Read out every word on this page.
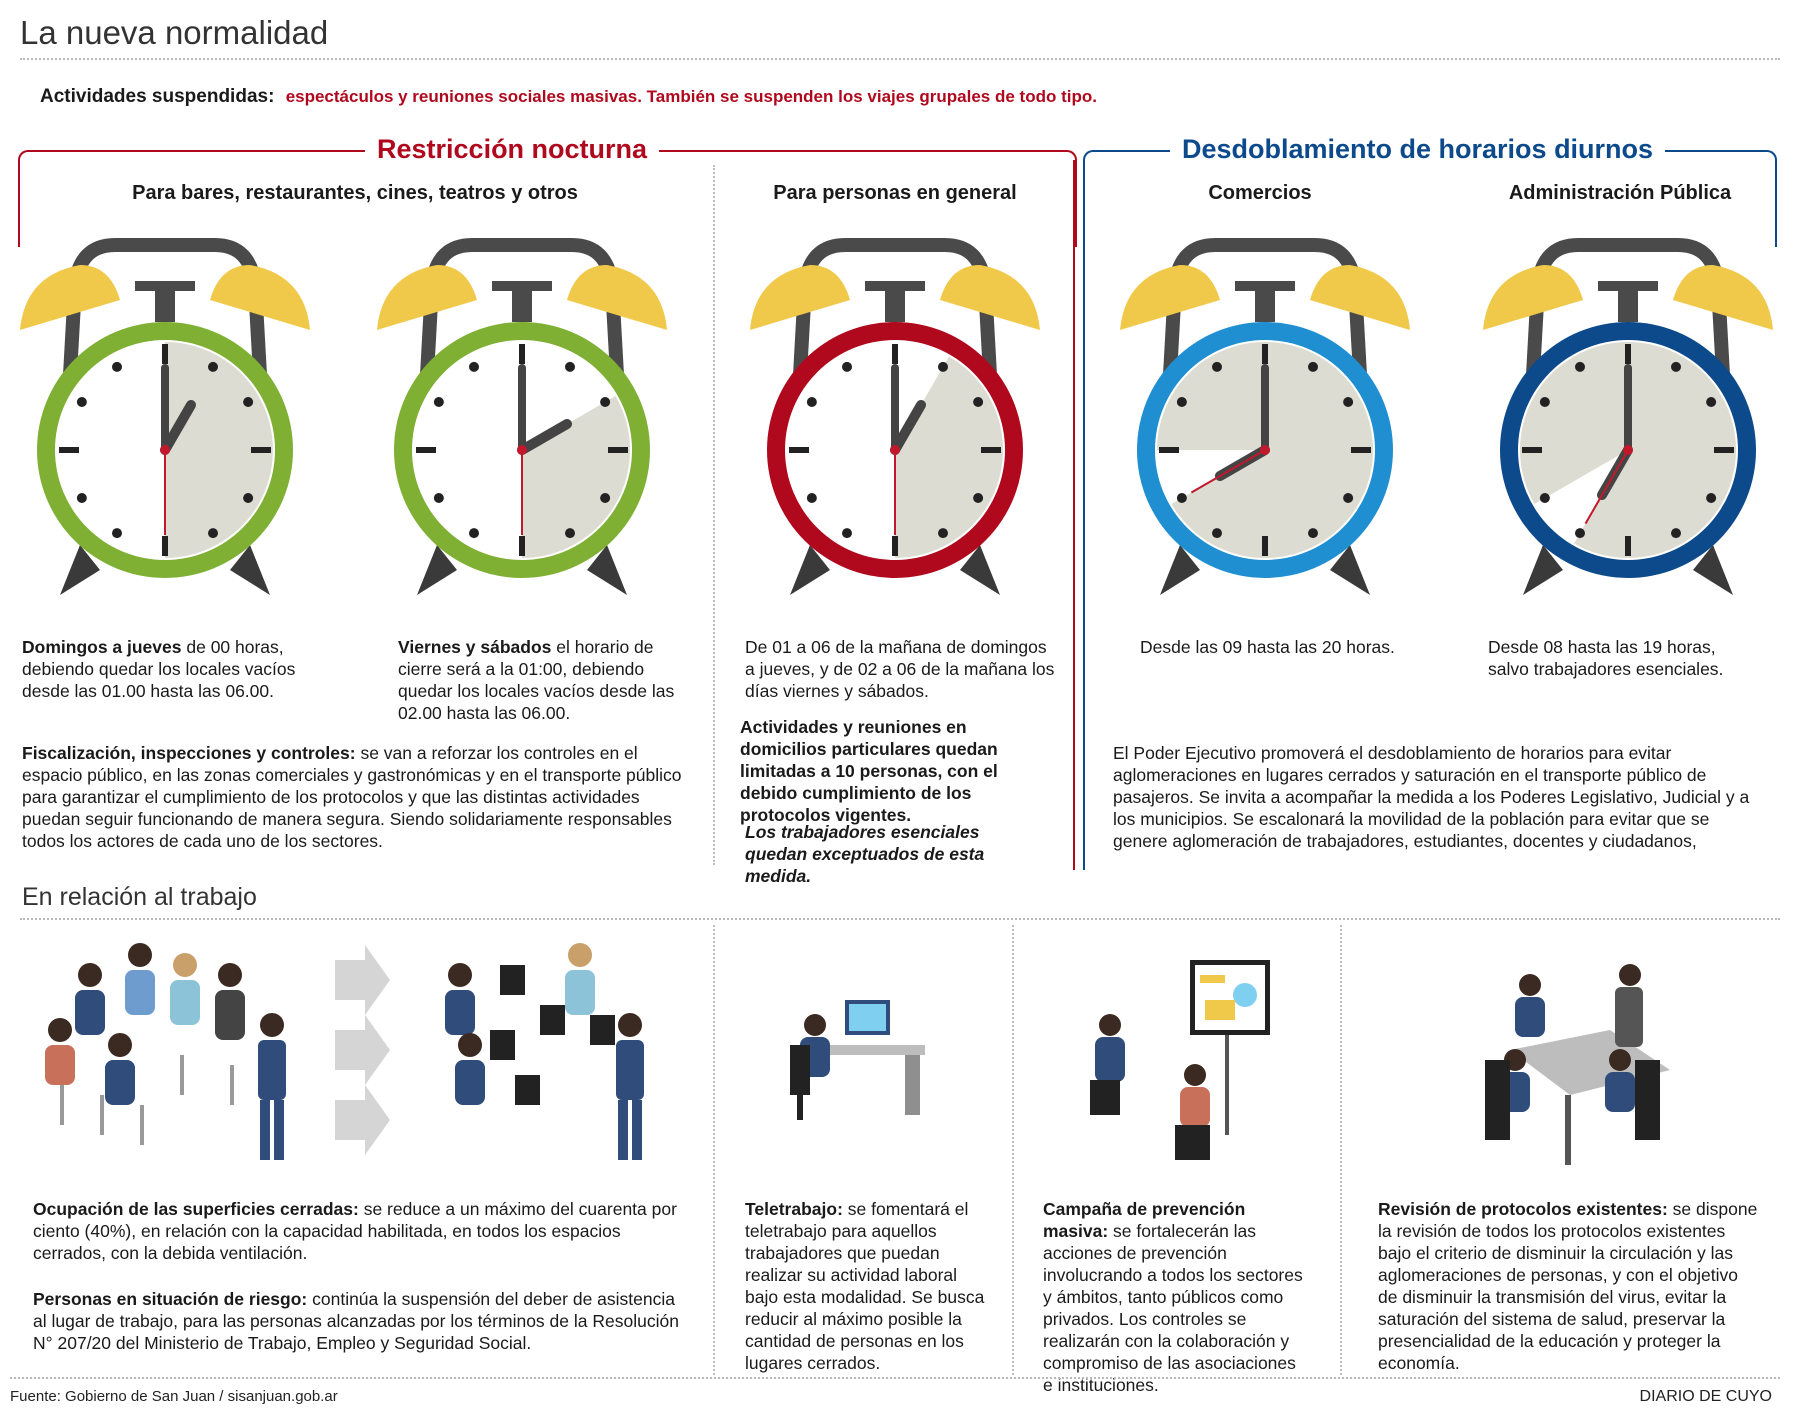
La nueva normalidad
Actividades suspendidas: espectáculos y reuniones sociales masivas. También se suspenden los viajes grupales de todo tipo.
Restricción nocturna	Desdoblamiento de horarios diurnos
Para bares, restaurantes, cines, teatros y otros	Para personas en general	Comercios	Administración Pública
Domingos a jueves de 00 horas, debiendo quedar los locales vacíos desde las 01.00 hasta las 06.00.
Viernes y sábados el horario de cierre será a la 01:00, debiendo quedar los locales vacíos desde las 02.00 hasta las 06.00.
De 01 a 06 de la mañana de domingos a jueves, y de 02 a 06 de la mañana los días viernes y sábados.
Desde las 09 hasta las 20 horas.	Desde 08 hasta las 19 horas, salvo trabajadores esenciales.
Fiscalización, inspecciones y controles: se van a reforzar los controles en el espacio público, en las zonas comerciales y gastronómicas y en el transporte público para garantizar el cumplimiento de los protocolos y que las distintas actividades puedan seguir funcionando de manera segura. Siendo solidariamente responsables todos los actores de cada uno de los sectores.
Actividades y reuniones en domicilios particulares quedan limitadas a 10 personas, con el debido cumplimiento de los protocolos vigentes.
Los trabajadores esenciales quedan exceptuados de esta medida.
El Poder Ejecutivo promoverá el desdoblamiento de horarios para evitar aglomeraciones en lugares cerrados y saturación en el transporte público de pasajeros. Se invita a acompañar la medida a los Poderes Legislativo, Judicial y a los municipios. Se escalonará la movilidad de la población para evitar que se genere aglomeración de trabajadores, estudiantes, docentes y ciudadanos,
En relación al trabajo
Ocupación de las superficies cerradas: se reduce a un máximo del cuarenta por ciento (40%), en relación con la capacidad habilitada, en todos los espacios cerrados, con la debida ventilación.
Personas en situación de riesgo: continúa la suspensión del deber de asistencia al lugar de trabajo, para las personas alcanzadas por los términos de la Resolución N° 207/20 del Ministerio de Trabajo, Empleo y Seguridad Social.
Teletrabajo: se fomentará el teletrabajo para aquellos trabajadores que puedan realizar su actividad laboral bajo esta modalidad. Se busca reducir al máximo posible la cantidad de personas en los lugares cerrados.
Campaña de prevención masiva: se fortalecerán las acciones de prevención involucrando a todos los sectores y ámbitos, tanto públicos como privados. Los controles se realizarán con la colaboración y compromiso de las asociaciones e instituciones.
Revisión de protocolos existentes: se dispone la revisión de todos los protocolos existentes bajo el criterio de disminuir la circulación y las aglomeraciones de personas, y con el objetivo de disminuir la transmisión del virus, evitar la saturación del sistema de salud, preservar la presencialidad de la educación y proteger la economía.
Fuente: Gobierno de San Juan / sisanjuan.gob.ar	DIARIO DE CUYO
